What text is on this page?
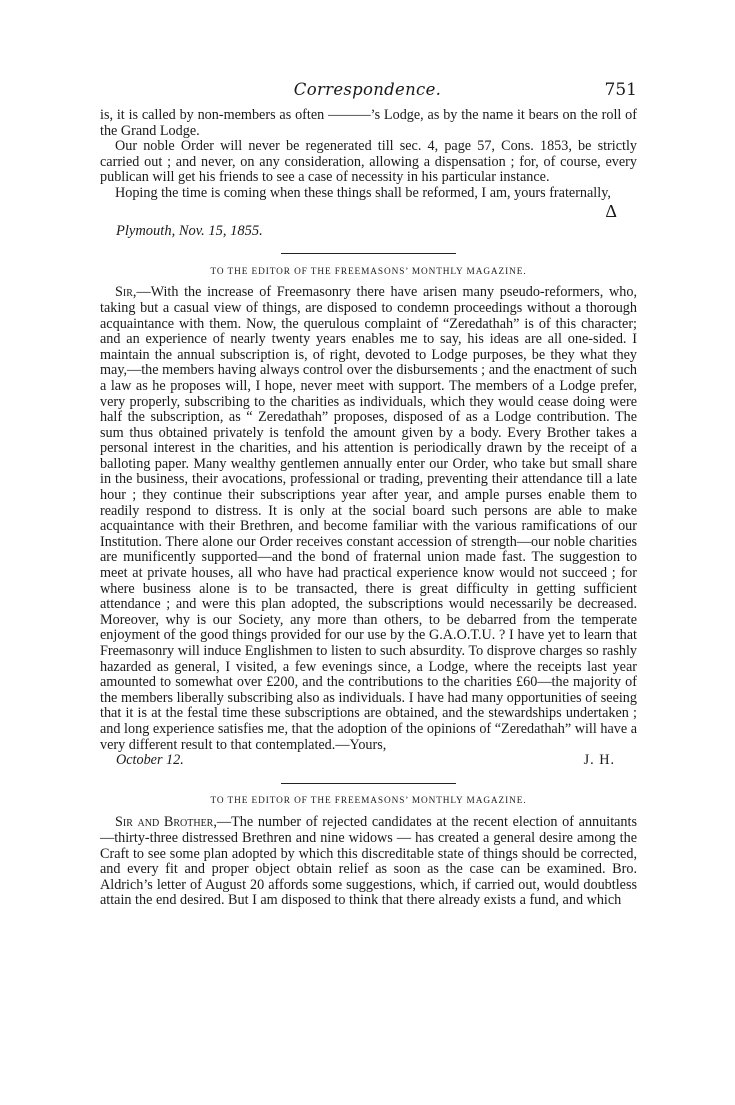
Correspondence.	751

is, it is called by non-members as often ———’s Lodge, as by the name it bears on the roll of the Grand Lodge.

Our noble Order will never be regenerated till sec. 4, page 57, Cons. 1853, be strictly carried out ; and never, on any consideration, allowing a dispensation ; for, of course, every publican will get his friends to see a case of necessity in his particular instance.

Hoping the time is coming when these things shall be reformed, I am, yours fraternally,

Δ
Plymouth, Nov. 15, 1855.
TO THE EDITOR OF THE FREEMASONS’ MONTHLY MAGAZINE.

Sir,—With the increase of Freemasonry there have arisen many pseudo-reformers, who, taking but a casual view of things, are disposed to condemn proceedings without a thorough acquaintance with them. Now, the querulous complaint of “Zeredathah” is of this character; and an experience of nearly twenty years enables me to say, his ideas are all one-sided. I maintain the annual subscription is, of right, devoted to Lodge purposes, be they what they may,—the members having always control over the disbursements ; and the enactment of such a law as he proposes will, I hope, never meet with support. The members of a Lodge prefer, very properly, subscribing to the charities as individuals, which they would cease doing were half the subscription, as “ Zeredathah” proposes, disposed of as a Lodge contribution. The sum thus obtained privately is tenfold the amount given by a body. Every Brother takes a personal interest in the charities, and his attention is periodically drawn by the receipt of a balloting paper. Many wealthy gentlemen annually enter our Order, who take but small share in the business, their avocations, professional or trading, preventing their attendance till a late hour ; they continue their subscriptions year after year, and ample purses enable them to readily respond to distress. It is only at the social board such persons are able to make acquaintance with their Brethren, and become familiar with the various ramifications of our Institution. There alone our Order receives constant accession of strength—our noble charities are munificently supported—and the bond of fraternal union made fast. The suggestion to meet at private houses, all who have had practical experience know would not succeed ; for where business alone is to be transacted, there is great difficulty in getting sufficient attendance ; and were this plan adopted, the subscriptions would necessarily be decreased. Moreover, why is our Society, any more than others, to be debarred from the temperate enjoyment of the good things provided for our use by the G.A.O.T.U. ? I have yet to learn that Freemasonry will induce Englishmen to listen to such absurdity. To disprove charges so rashly hazarded as general, I visited, a few evenings since, a Lodge, where the receipts last year amounted to somewhat over £200, and the contributions to the charities £60—the majority of the members liberally subscribing also as individuals. I have had many opportunities of seeing that it is at the festal time these subscriptions are obtained, and the stewardships undertaken ; and long experience satisfies me, that the adoption of the opinions of “Zeredathah” will have a very different result to that contemplated.—Yours,

October 12.	J. H.
TO THE EDITOR OF THE FREEMASONS’ MONTHLY MAGAZINE.

Sir and Brother,—The number of rejected candidates at the recent election of annuitants—thirty-three distressed Brethren and nine widows — has created a general desire among the Craft to see some plan adopted by which this discreditable state of things should be corrected, and every fit and proper object obtain relief as soon as the case can be examined. Bro. Aldrich’s letter of August 20 affords some suggestions, which, if carried out, would doubtless attain the end desired. But I am disposed to think that there already exists a fund, and which
